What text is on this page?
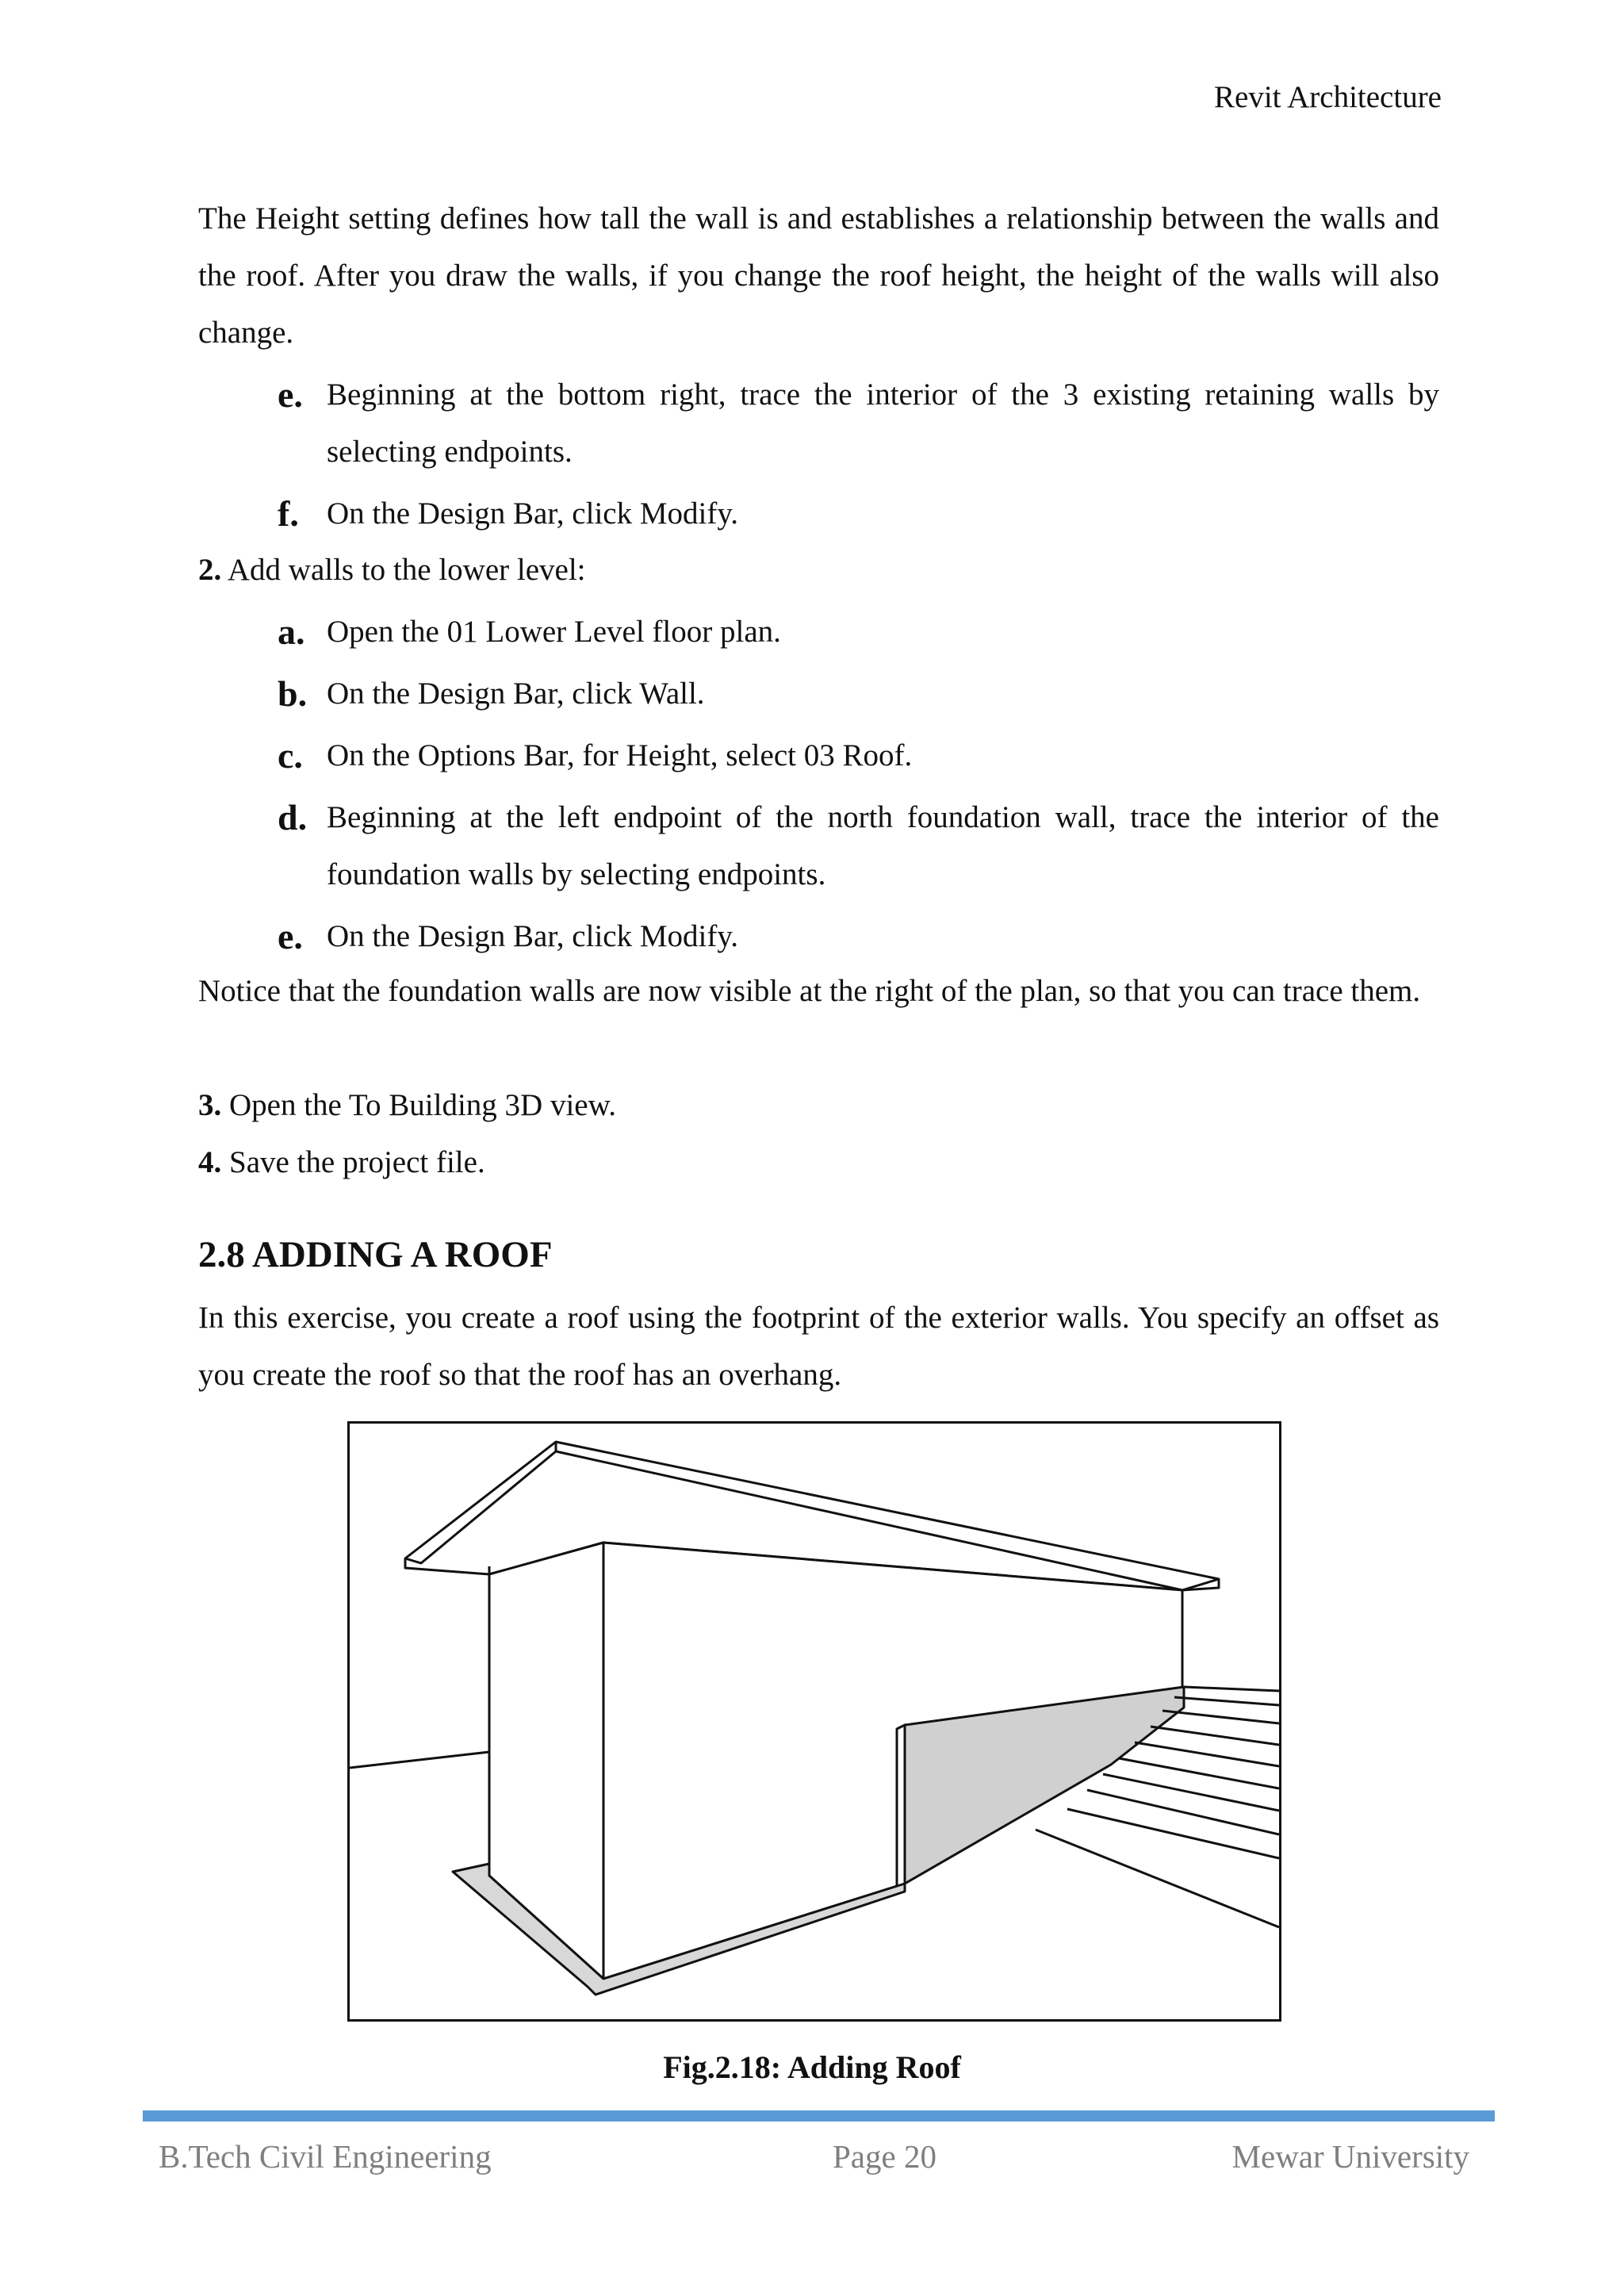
Revit Architecture
The Height setting defines how tall the wall is and establishes a relationship between the walls and the roof. After you draw the walls, if you change the roof height, the height of the walls will also change.
e. Beginning at the bottom right, trace the interior of the 3 existing retaining walls by selecting endpoints.
f. On the Design Bar, click Modify.
2. Add walls to the lower level:
a. Open the 01 Lower Level floor plan.
b. On the Design Bar, click Wall.
c. On the Options Bar, for Height, select 03 Roof.
d. Beginning at the left endpoint of the north foundation wall, trace the interior of the foundation walls by selecting endpoints.
e. On the Design Bar, click Modify.
Notice that the foundation walls are now visible at the right of the plan, so that you can trace them.
3. Open the To Building 3D view.
4. Save the project file.
2.8 ADDING A ROOF
In this exercise, you create a roof using the footprint of the exterior walls. You specify an offset as you create the roof so that the roof has an overhang.
Fig.2.18: Adding Roof
B.Tech Civil Engineering	Page 20	Mewar University
